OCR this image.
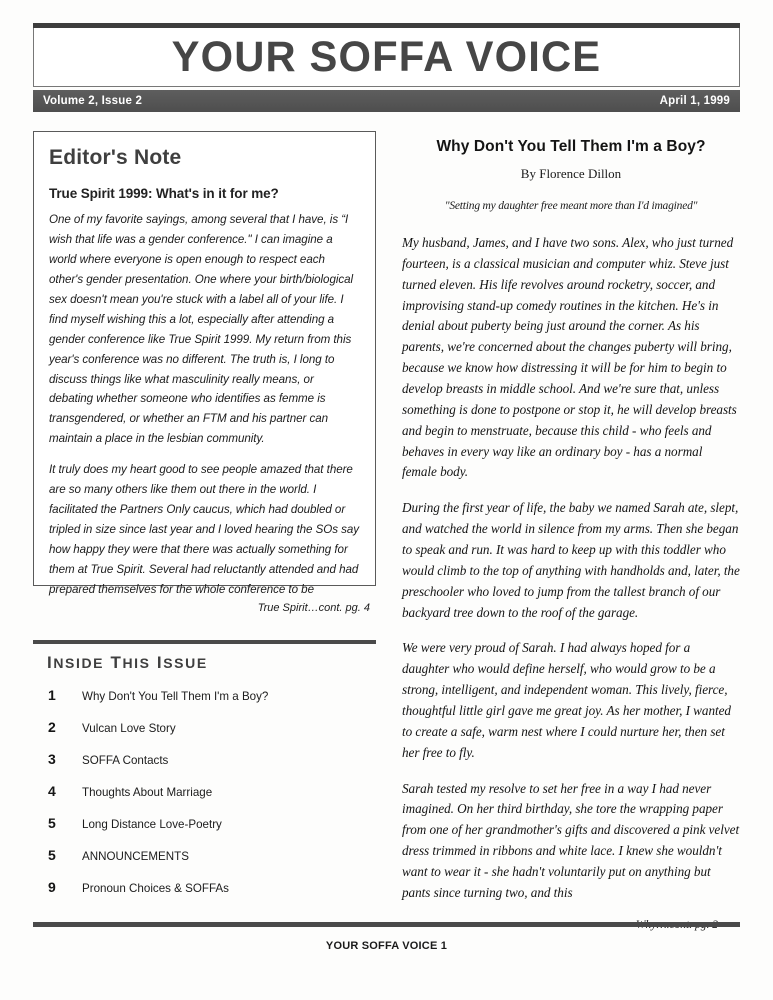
YOUR SOFFA VOICE
Volume 2, Issue 2	April 1, 1999
Editor's Note
True Spirit 1999: What's in it for me?

One of my favorite sayings, among several that I have, is “I wish that life was a gender conference." I can imagine a world where everyone is open enough to respect each other's gender presentation. One where your birth/biological sex doesn't mean you're stuck with a label all of your life. I find myself wishing this a lot, especially after attending a gender conference like True Spirit 1999. My return from this year's conference was no different. The truth is, I long to discuss things like what masculinity really means, or debating whether someone who identifies as femme is transgendered, or whether an FTM and his partner can maintain a place in the lesbian community.

It truly does my heart good to see people amazed that there are so many others like them out there in the world. I facilitated the Partners Only caucus, which had doubled or tripled in size since last year and I loved hearing the SOs say how happy they were that there was actually something for them at True Spirit. Several had reluctantly attended and had prepared themselves for the whole conference to be

True Spirit…cont. pg. 4
INSIDE THIS ISSUE
1	Why Don't You Tell Them I'm a Boy?
2	Vulcan Love Story
3	SOFFA Contacts
4	Thoughts About Marriage
5	Long Distance Love-Poetry
5	ANNOUNCEMENTS
9	Pronoun Choices & SOFFAs
Why Don't You Tell Them I'm a Boy?
By Florence Dillon
"Setting my daughter free meant more than I'd imagined"

My husband, James, and I have two sons. Alex, who just turned fourteen, is a classical musician and computer whiz. Steve just turned eleven. His life revolves around rocketry, soccer, and improvising stand-up comedy routines in the kitchen. He's in denial about puberty being just around the corner. As his parents, we're concerned about the changes puberty will bring, because we know how distressing it will be for him to begin to develop breasts in middle school. And we're sure that, unless something is done to postpone or stop it, he will develop breasts and begin to menstruate, because this child - who feels and behaves in every way like an ordinary boy - has a normal female body.

During the first year of life, the baby we named Sarah ate, slept, and watched the world in silence from my arms. Then she began to speak and run. It was hard to keep up with this toddler who would climb to the top of anything with handholds and, later, the preschooler who loved to jump from the tallest branch of our backyard tree down to the roof of the garage.

We were very proud of Sarah. I had always hoped for a daughter who would define herself, who would grow to be a strong, intelligent, and independent woman. This lively, fierce, thoughtful little girl gave me great joy. As her mother, I wanted to create a safe, warm nest where I could nurture her, then set her free to fly.

Sarah tested my resolve to set her free in a way I had never imagined. On her third birthday, she tore the wrapping paper from one of her grandmother's gifts and discovered a pink velvet dress trimmed in ribbons and white lace. I knew she wouldn't want to wear it - she hadn't voluntarily put on anything but pants since turning two, and this

YOUR SOFFA VOICE 1
